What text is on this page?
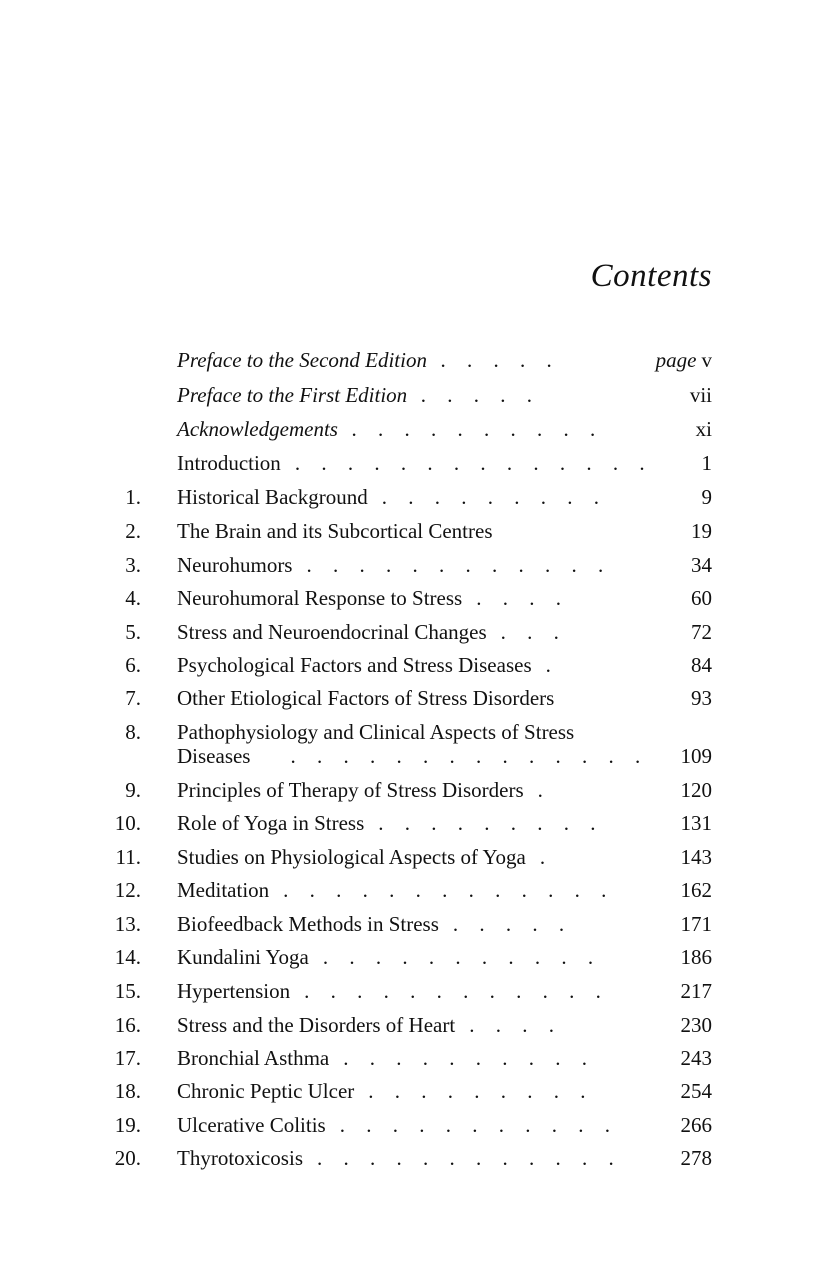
Contents
Preface to the Second Edition . . . . .	page v
Preface to the First Edition . . . . .	vii
Acknowledgements . . . . . . . . . .	xi
Introduction . . . . . . . . . . . . . . 1
1. Historical Background . . . . . . . . .	9
2. The Brain and its Subcortical Centres	19
3. Neurohumors . . . . . . . . . . . .	34
4. Neurohumoral Response to Stress . . . .	60
5. Stress and Neuroendocrinal Changes . . .	72
6. Psychological Factors and Stress Diseases .	84
7. Other Etiological Factors of Stress Disorders	93
8. Pathophysiology and Clinical Aspects of Stress
Diseases . . . . . . . . . . . . . . 109
9. Principles of Therapy of Stress Disorders .	120
10. Role of Yoga in Stress . . . . . . . . .	131
11. Studies on Physiological Aspects of Yoga .	143
12. Meditation . . . . . . . . . . . . .	162
13. Biofeedback Methods in Stress . . . . .	171
14. Kundalini Yoga . . . . . . . . . . .	186
15. Hypertension . . . . . . . . . . . .	217
16. Stress and the Disorders of Heart . . . .	230
17. Bronchial Asthma . . . . . . . . . .	243
18. Chronic Peptic Ulcer . . . . . . . . .	254
19. Ulcerative Colitis . . . . . . . . . . .	266
20. Thyrotoxicosis . . . . . . . . . . . .	278
